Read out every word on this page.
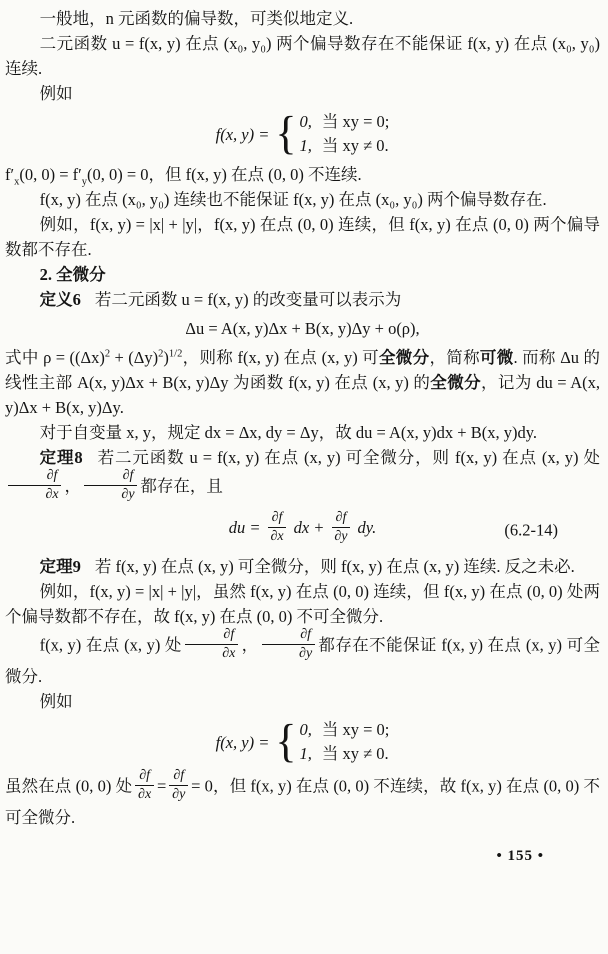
一般地，n 元函数的偏导数，可类似地定义.

二元函数 u = f(x, y) 在点 (x₀, y₀) 两个偏导数存在不能保证 f(x, y) 在点 (x₀, y₀) 连续.

例如

f(x, y) = { 0, 当 xy = 0;
1, 当 xy ≠ 0.

$f'_x(0$, $0) = f'_y(0$, 0) = 0，但 f(x, y) 在点 (0, 0) 不连续.

f(x, y) 在点 (x₀, y₀) 连续也不能保证 f(x, y) 在点 (x₀, y₀) 两个偏导数存在.

例如，f(x, y) = |x| + |y|，f(x, y) 在点 (0, 0) 连续，但 f(x, y) 在点 (0, 0) 两个偏导数都不存在.

2. 全微分

定义6 若二元函数 u = f(x, y) 的改变量可以表示为

Δu = A(x, y)Δx + B(x, y)Δy + o(ρ),

式中 $\rho = ((\Delta x)^2 + (\Delta y)^2)^{1/2}$，则称 f(x, y) 在点 (x, y) 可全微分，简称可微. 而称 Δu 的线性主部 A(x, y)Δx + B(x, y)Δy 为函数 f(x, y) 在点 (x, y) 的全微分，记为 du = A(x, y)Δx + B(x, y)Δy.

对于自变量 x, y，规定 dx = Δx, dy = Δy，故 du = A(x, y)dx + B(x, y)dy.

定理8 若二元函数 u = f(x, y) 在点 (x, y) 可全微分，则 f(x, y) 在点 (x, y) 处
$\frac{\partial f}{\partial x}$ ， $\frac{\partial f}{\partial y}$ 都存在，且

du = $\frac{\partial f}{\partial x}$ dx + $\frac{\partial f}{\partial y}$ dy.	(6.2-14)

定理9 若 f(x, y) 在点 (x, y) 可全微分，则 f(x, y) 在点 (x, y) 连续. 反之未必.

例如，f(x, y) = |x| + |y|，虽然 f(x, y) 在点 (0, 0) 连续，但 f(x, y) 在点 (0, 0) 处两个偏导数都不存在，故 f(x, y) 在点 (0, 0) 不可全微分.

f(x, y) 在点 (x, y) 处 $\frac{\partial f}{\partial x}$ ， $\frac{\partial f}{\partial y}$ 都存在不能保证 f(x, y) 在点 (x, y) 可全微分.

例如

f(x, y) = { 0, 当 xy = 0;
1, 当 xy ≠ 0.

虽然在点 (0, 0) 处 $\frac{\partial f}{\partial x} = \frac{\partial f}{\partial y} = 0$，但 f(x, y) 在点 (0, 0) 不连续，故 f(x, y) 在点 (0, 0) 不可全微分.

• 155 •
